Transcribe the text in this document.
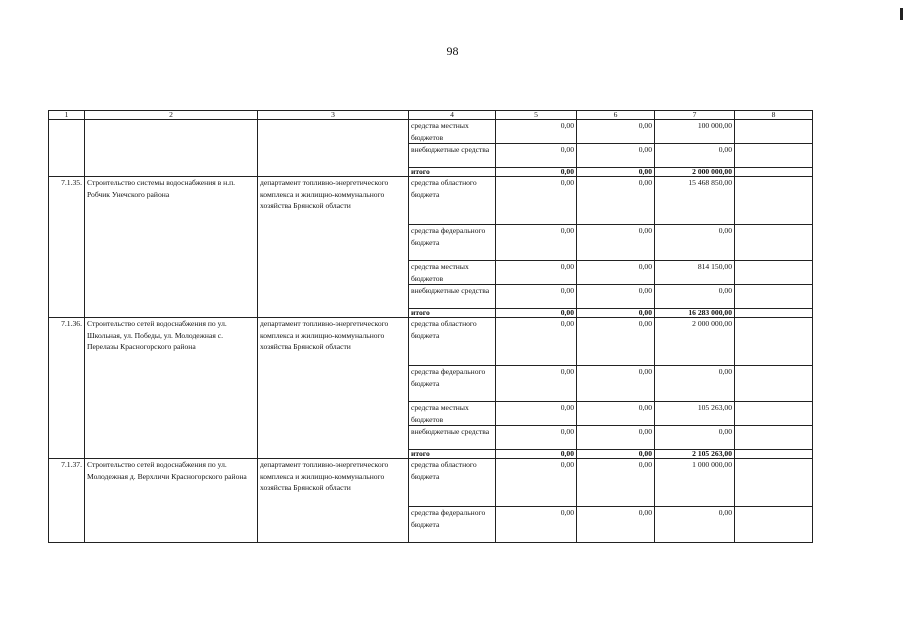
98
1	2	3	4	5	6	7	8
			средства местных бюджетов	0,00	0,00	100 000,00	
			внебюджетные средства	0,00	0,00	0,00	
			итого	0,00	0,00	2 000 000,00	
7.1.35.	Строительство системы водоснабжения в н.п. Робчик Унечского района	департамент топливно-энергетического комплекса и жилищно-коммунального хозяйства Брянской области	средства областного бюджета	0,00	0,00	15 468 850,00	
			средства федерального бюджета	0,00	0,00	0,00	
			средства местных бюджетов	0,00	0,00	814 150,00	
			внебюджетные средства	0,00	0,00	0,00	
			итого	0,00	0,00	16 283 000,00	
7.1.36.	Строительство сетей водоснабжения по ул. Школьная, ул. Победы, ул. Молодежная с. Перелазы Красногорского района	департамент топливно-энергетического комплекса и жилищно-коммунального хозяйства Брянской области	средства областного бюджета	0,00	0,00	2 000 000,00	
			средства федерального бюджета	0,00	0,00	0,00	
			средства местных бюджетов	0,00	0,00	105 263,00	
			внебюджетные средства	0,00	0,00	0,00	
			итого	0,00	0,00	2 105 263,00	
7.1.37.	Строительство сетей водоснабжения по ул. Молодежная д. Верхличи Красногорского района	департамент топливно-энергетического комплекса и жилищно-коммунального хозяйства Брянской области	средства областного бюджета	0,00	0,00	1 000 000,00	
			средства федерального бюджета	0,00	0,00	0,00	
